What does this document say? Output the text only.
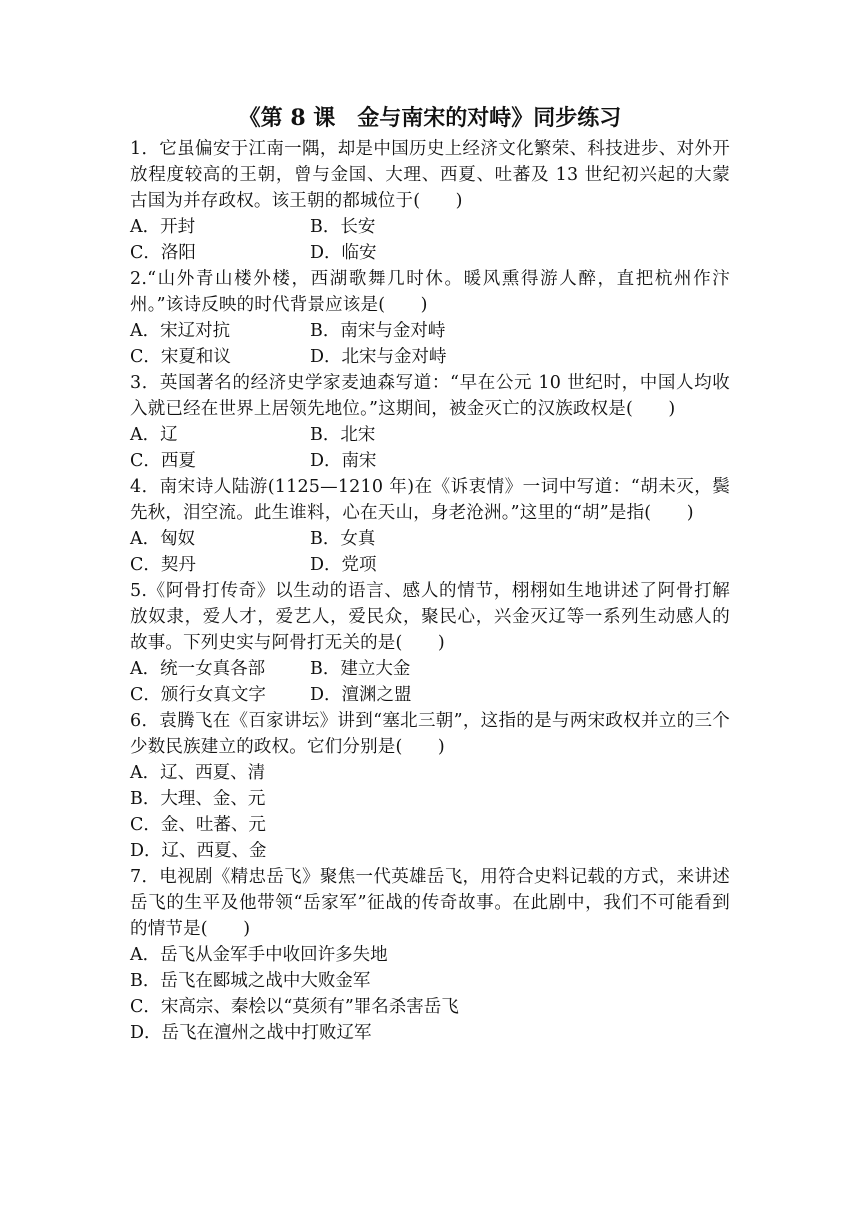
《第 8 课　金与南宋的对峙》同步练习
1．它虽偏安于江南一隅，却是中国历史上经济文化繁荣、科技进步、对外开放程度较高的王朝，曾与金国、大理、西夏、吐蕃及 13 世纪初兴起的大蒙古国为并存政权。该王朝的都城位于(　　)
A．开封	B．长安
C．洛阳	D．临安
2.“山外青山楼外楼，西湖歌舞几时休。暖风熏得游人醉，直把杭州作汴州。”该诗反映的时代背景应该是(　　)
A．宋辽对抗	B．南宋与金对峙
C．宋夏和议	D．北宋与金对峙
3．英国著名的经济史学家麦迪森写道：“早在公元 10 世纪时，中国人均收入就已经在世界上居领先地位。”这期间，被金灭亡的汉族政权是(　　)
A．辽	B．北宋
C．西夏	D．南宋
4．南宋诗人陆游(1125—1210 年)在《诉衷情》一词中写道：“胡未灭，鬓先秋，泪空流。此生谁料，心在天山，身老沧洲。”这里的“胡”是指(　　)
A．匈奴	B．女真
C．契丹	D．党项
5.《阿骨打传奇》以生动的语言、感人的情节，栩栩如生地讲述了阿骨打解放奴隶，爱人才，爱艺人，爱民众，聚民心，兴金灭辽等一系列生动感人的故事。下列史实与阿骨打无关的是(　　)
A．统一女真各部	B．建立大金
C．颁行女真文字	D．澶渊之盟
6．袁腾飞在《百家讲坛》讲到“塞北三朝”，这指的是与两宋政权并立的三个少数民族建立的政权。它们分别是(　　)
A．辽、西夏、清
B．大理、金、元
C．金、吐蕃、元
D．辽、西夏、金
7．电视剧《精忠岳飞》聚焦一代英雄岳飞，用符合史料记载的方式，来讲述岳飞的生平及他带领“岳家军”征战的传奇故事。在此剧中，我们不可能看到的情节是(　　)
A．岳飞从金军手中收回许多失地
B．岳飞在郾城之战中大败金军
C．宋高宗、秦桧以“莫须有”罪名杀害岳飞
D．岳飞在澶州之战中打败辽军
